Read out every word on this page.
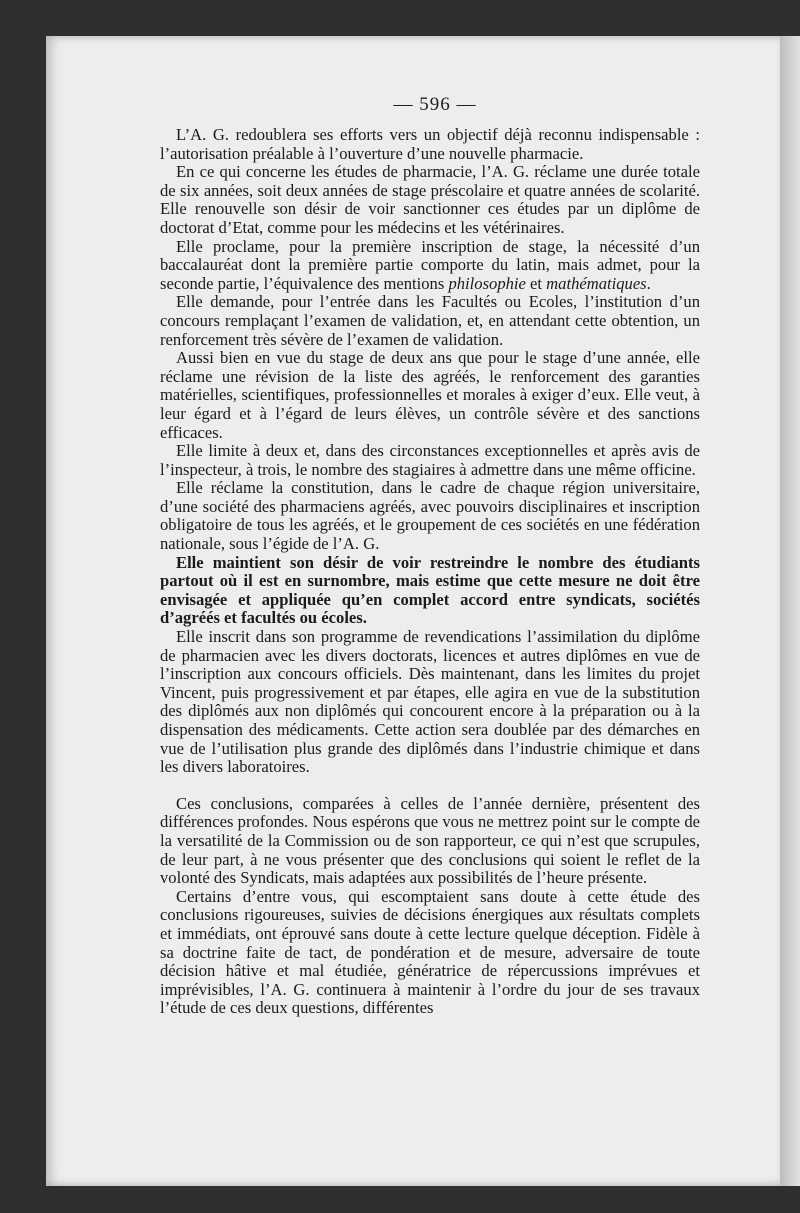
— 596 —

L’A. G. redoublera ses efforts vers un objectif déjà reconnu indispensable : l’autorisation préalable à l’ouverture d’une nouvelle pharmacie.

En ce qui concerne les études de pharmacie, l’A. G. réclame une durée totale de six années, soit deux années de stage préscolaire et quatre années de scolarité. Elle renouvelle son désir de voir sanctionner ces études par un diplôme de doctorat d’Etat, comme pour les médecins et les vétérinaires.

Elle proclame, pour la première inscription de stage, la nécessité d’un baccalauréat dont la première partie comporte du latin, mais admet, pour la seconde partie, l’équivalence des mentions philosophie et mathématiques.

Elle demande, pour l’entrée dans les Facultés ou Ecoles, l’institution d’un concours remplaçant l’examen de validation, et, en attendant cette obtention, un renforcement très sévère de l’examen de validation.

Aussi bien en vue du stage de deux ans que pour le stage d’une année, elle réclame une révision de la liste des agréés, le renforcement des garanties matérielles, scientifiques, professionnelles et morales à exiger d’eux. Elle veut, à leur égard et à l’égard de leurs élèves, un contrôle sévère et des sanctions efficaces.

Elle limite à deux et, dans des circonstances exceptionnelles et après avis de l’inspecteur, à trois, le nombre des stagiaires à admettre dans une même officine.

Elle réclame la constitution, dans le cadre de chaque région universitaire, d’une société des pharmaciens agréés, avec pouvoirs disciplinaires et inscription obligatoire de tous les agréés, et le groupement de ces sociétés en une fédération nationale, sous l’égide de l’A. G.

Elle maintient son désir de voir restreindre le nombre des étudiants partout où il est en surnombre, mais estime que cette mesure ne doit être envisagée et appliquée qu’en complet accord entre syndicats, sociétés d’agréés et facultés ou écoles.

Elle inscrit dans son programme de revendications l’assimilation du diplôme de pharmacien avec les divers doctorats, licences et autres diplômes en vue de l’inscription aux concours officiels. Dès maintenant, dans les limites du projet Vincent, puis progressivement et par étapes, elle agira en vue de la substitution des diplômés aux non diplômés qui concourent encore à la préparation ou à la dispensation des médicaments. Cette action sera doublée par des démarches en vue de l’utilisation plus grande des diplômés dans l’industrie chimique et dans les divers laboratoires.

Ces conclusions, comparées à celles de l’année dernière, présentent des différences profondes. Nous espérons que vous ne mettrez point sur le compte de la versatilité de la Commission ou de son rapporteur, ce qui n’est que scrupules, de leur part, à ne vous présenter que des conclusions qui soient le reflet de la volonté des Syndicats, mais adaptées aux possibilités de l’heure présente.

Certains d’entre vous, qui escomptaient sans doute à cette étude des conclusions rigoureuses, suivies de décisions énergiques aux résultats complets et immédiats, ont éprouvé sans doute à cette lecture quelque déception. Fidèle à sa doctrine faite de tact, de pondération et de mesure, adversaire de toute décision hâtive et mal étudiée, génératrice de répercussions imprévues et imprévisibles, l’A. G. continuera à maintenir à l’ordre du jour de ses travaux l’étude de ces deux questions, différentes
